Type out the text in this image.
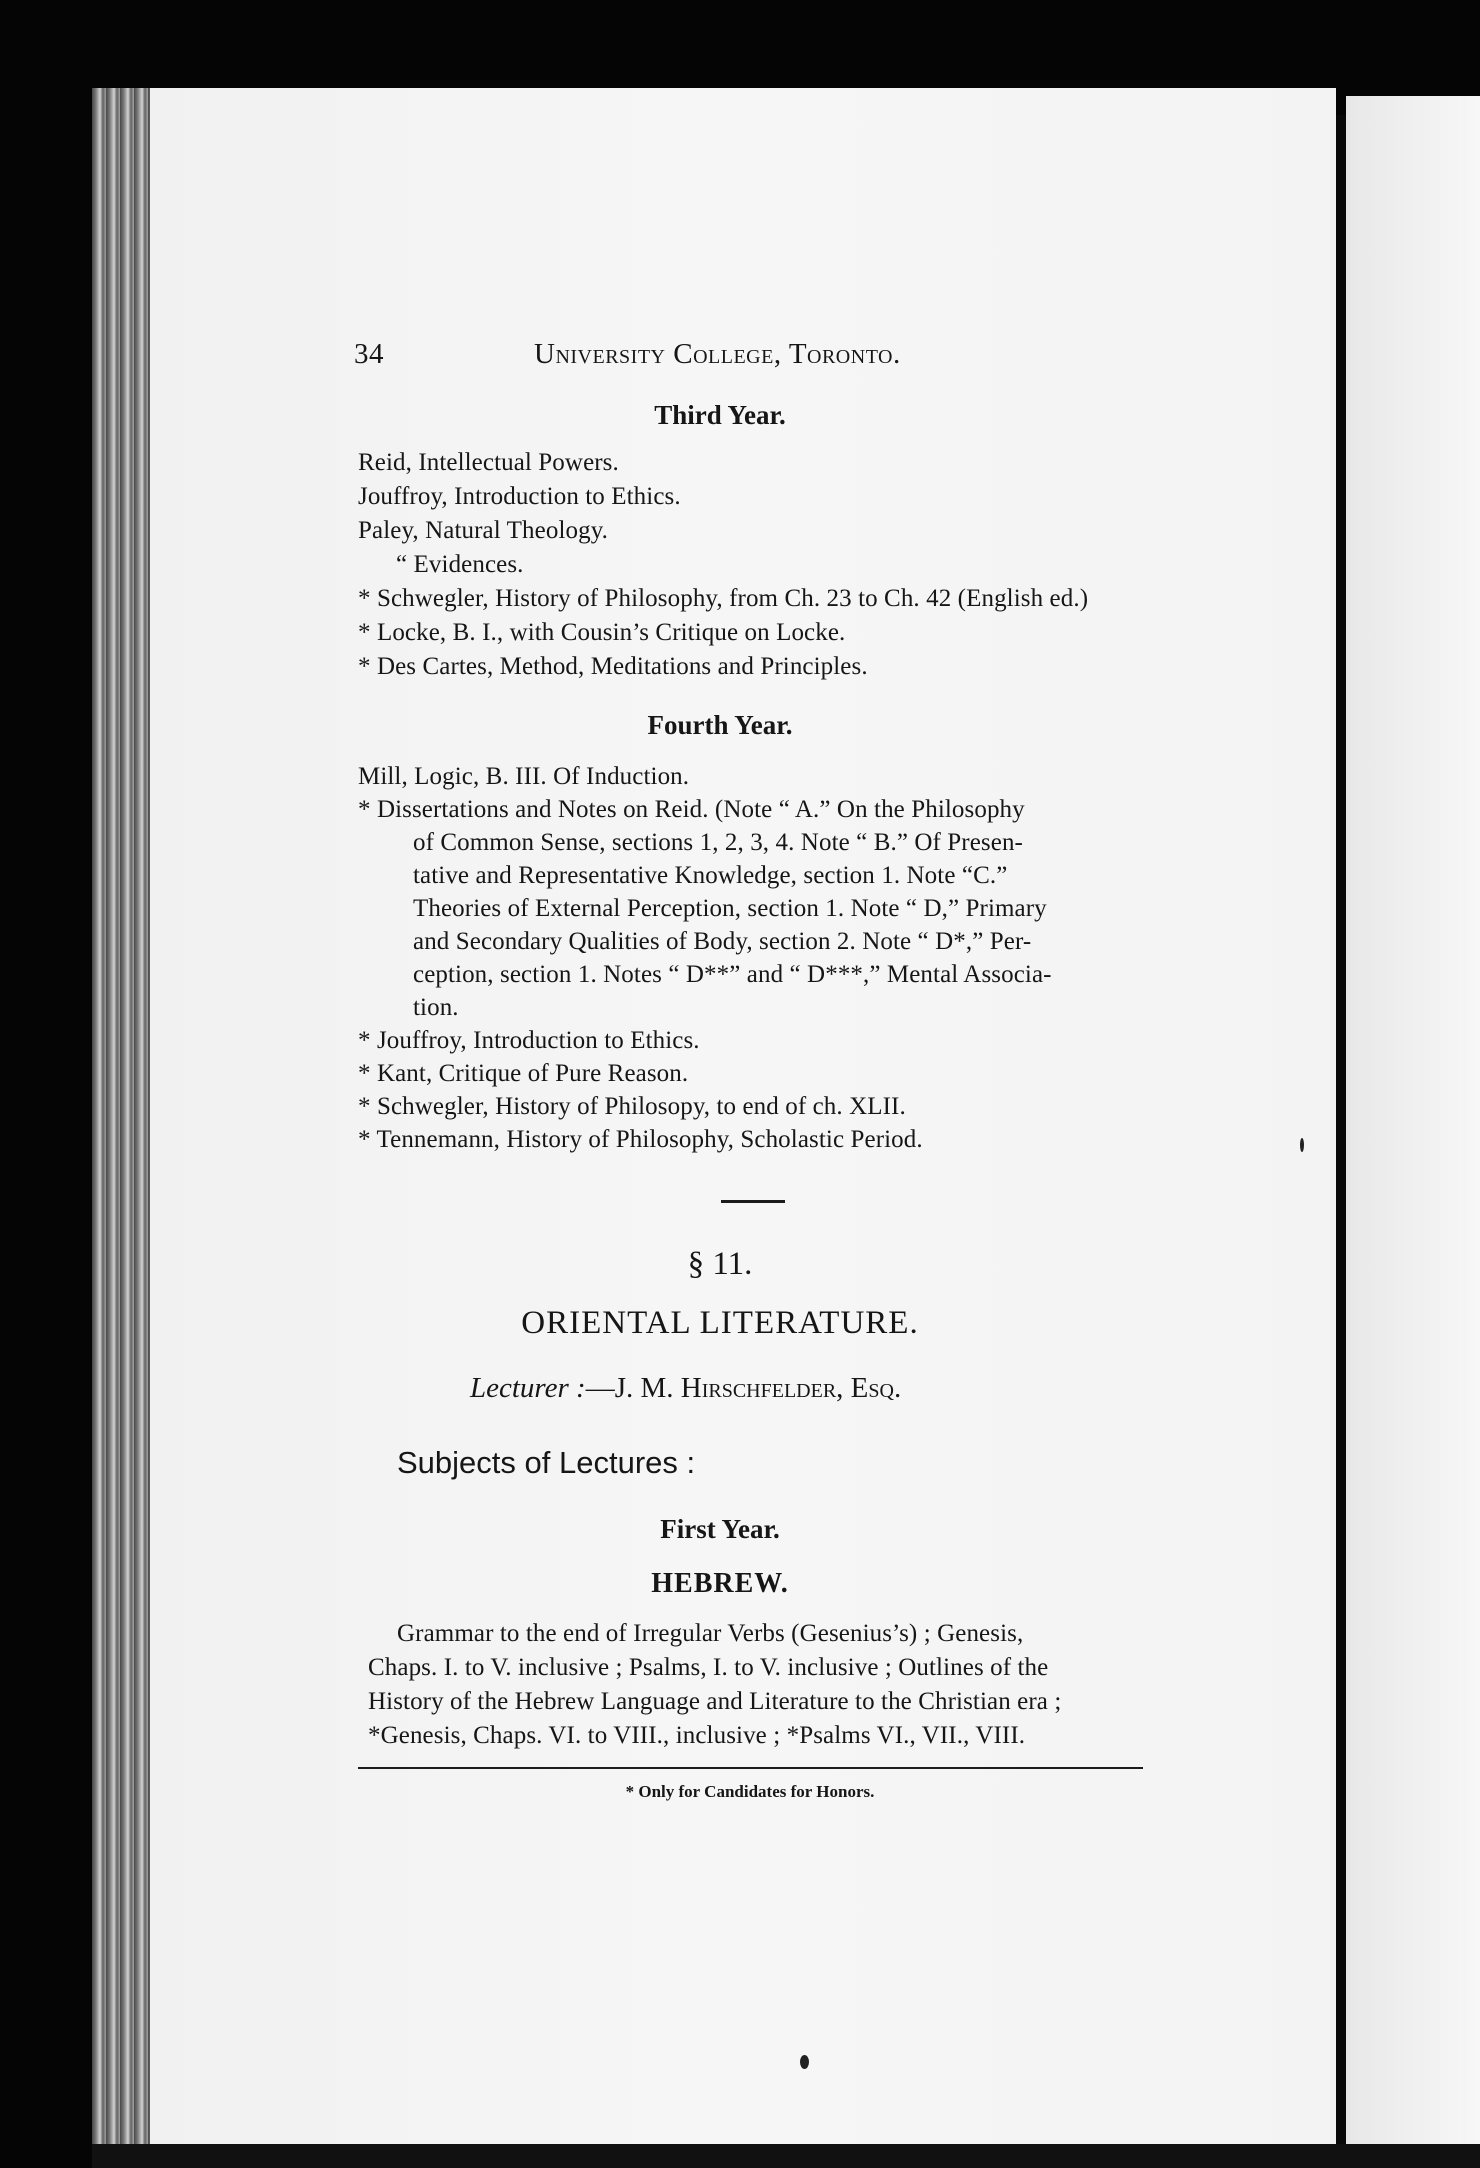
34	University College, Toronto.
Third Year.
Reid, Intellectual Powers.
Jouffroy, Introduction to Ethics.
Paley, Natural Theology.
“ Evidences.
* Schwegler, History of Philosophy, from Ch. 23 to Ch. 42 (English ed.)
* Locke, B. I., with Cousin’s Critique on Locke.
* Des Cartes, Method, Meditations and Principles.
Fourth Year.
Mill, Logic, B. III. Of Induction.
* Dissertations and Notes on Reid. (Note “ A.” On the Philosophy
of Common Sense, sections 1, 2, 3, 4. Note “ B.” Of Presen-
tative and Representative Knowledge, section 1. Note “C.”
Theories of External Perception, section 1. Note “ D,” Primary
and Secondary Qualities of Body, section 2. Note “ D*,” Per-
ception, section 1. Notes “ D**” and “ D***,” Mental Associa-
tion.
* Jouffroy, Introduction to Ethics.
* Kant, Critique of Pure Reason.
* Schwegler, History of Philosopy, to end of ch. XLII.
* Tennemann, History of Philosophy, Scholastic Period.
§ 11.
ORIENTAL LITERATURE.
Lecturer :—J. M. Hirschfelder, Esq.
Subjects of Lectures :
First Year.
HEBREW.
Grammar to the end of Irregular Verbs (Gesenius’s) ; Genesis,
Chaps. I. to V. inclusive ; Psalms, I. to V. inclusive ; Outlines of the
History of the Hebrew Language and Literature to the Christian era ;
*Genesis, Chaps. VI. to VIII., inclusive ; *Psalms VI., VII., VIII.
* Only for Candidates for Honors.
